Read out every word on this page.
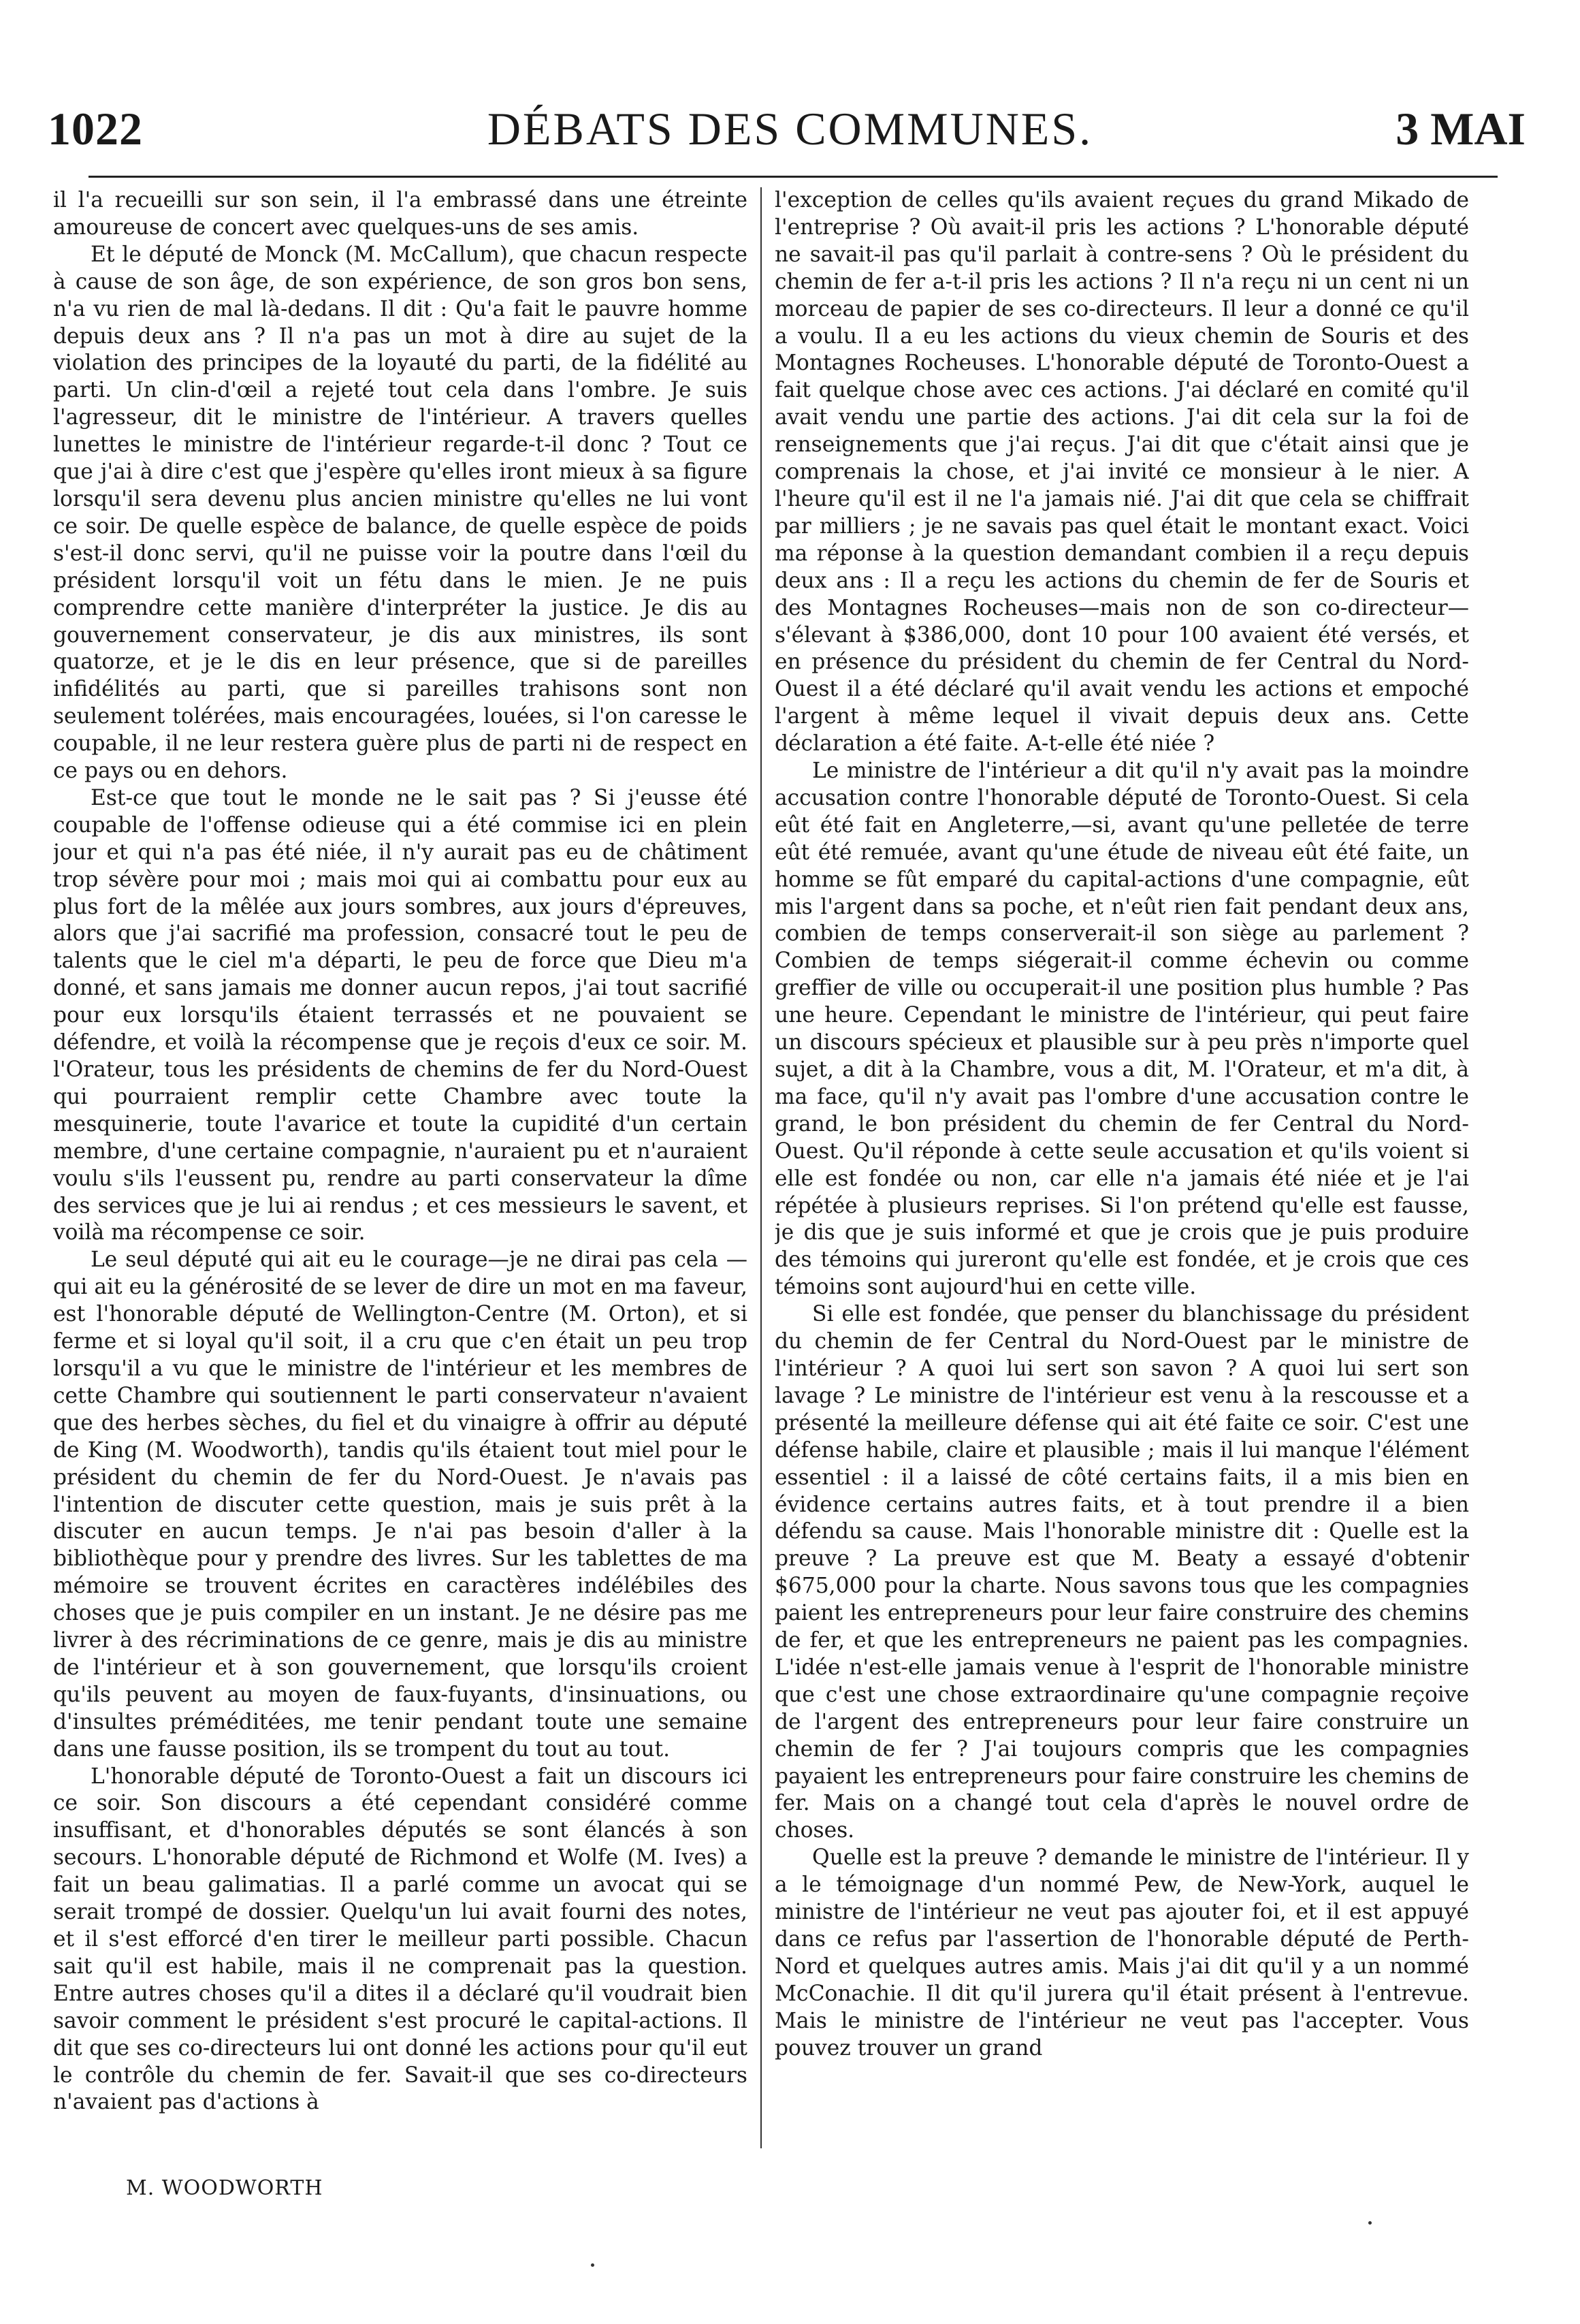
1022	DÉBATS DES COMMUNES.	3 MAI

il l'a recueilli sur son sein, il l'a embrassé dans une étreinte amoureuse de concert avec quelques-uns de ses amis.

Et le député de Monck (M. McCallum), que chacun respecte à cause de son âge, de son expérience, de son gros bon sens, n'a vu rien de mal là-dedans. Il dit : Qu'a fait le pauvre homme depuis deux ans ? Il n'a pas un mot à dire au sujet de la violation des principes de la loyauté du parti, de la fidélité au parti. Un clin-d'œil a rejeté tout cela dans l'ombre. Je suis l'agresseur, dit le ministre de l'intérieur. A travers quelles lunettes le ministre de l'intérieur regarde-t-il donc ? Tout ce que j'ai à dire c'est que j'espère qu'elles iront mieux à sa figure lorsqu'il sera devenu plus ancien ministre qu'elles ne lui vont ce soir. De quelle espèce de balance, de quelle espèce de poids s'est-il donc servi, qu'il ne puisse voir la poutre dans l'œil du président lorsqu'il voit un fétu dans le mien. Je ne puis comprendre cette manière d'interpréter la justice. Je dis au gouvernement conservateur, je dis aux ministres, ils sont quatorze, et je le dis en leur présence, que si de pareilles infidélités au parti, que si pareilles trahisons sont non seulement tolérées, mais encouragées, louées, si l'on caresse le coupable, il ne leur restera guère plus de parti ni de respect en ce pays ou en dehors.

Est-ce que tout le monde ne le sait pas ? Si j'eusse été coupable de l'offense odieuse qui a été commise ici en plein jour et qui n'a pas été niée, il n'y aurait pas eu de châtiment trop sévère pour moi ; mais moi qui ai combattu pour eux au plus fort de la mêlée aux jours sombres, aux jours d'épreuves, alors que j'ai sacrifié ma profession, consacré tout le peu de talents que le ciel m'a départi, le peu de force que Dieu m'a donné, et sans jamais me donner aucun repos, j'ai tout sacrifié pour eux lorsqu'ils étaient terrassés et ne pouvaient se défendre, et voilà la récompense que je reçois d'eux ce soir. M. l'Orateur, tous les présidents de chemins de fer du Nord-Ouest qui pourraient remplir cette Chambre avec toute la mesquinerie, toute l'avarice et toute la cupidité d'un certain membre, d'une certaine compagnie, n'auraient pu et n'auraient voulu s'ils l'eussent pu, rendre au parti conservateur la dîme des services que je lui ai rendus ; et ces messieurs le savent, et voilà ma récompense ce soir.

Le seul député qui ait eu le courage—je ne dirai pas cela —qui ait eu la générosité de se lever de dire un mot en ma faveur, est l'honorable député de Wellington-Centre (M. Orton), et si ferme et si loyal qu'il soit, il a cru que c'en était un peu trop lorsqu'il a vu que le ministre de l'intérieur et les membres de cette Chambre qui soutiennent le parti conservateur n'avaient que des herbes sèches, du fiel et du vinaigre à offrir au député de King (M. Woodworth), tandis qu'ils étaient tout miel pour le président du chemin de fer du Nord-Ouest. Je n'avais pas l'intention de discuter cette question, mais je suis prêt à la discuter en aucun temps. Je n'ai pas besoin d'aller à la bibliothèque pour y prendre des livres. Sur les tablettes de ma mémoire se trouvent écrites en caractères indélébiles des choses que je puis compiler en un instant. Je ne désire pas me livrer à des récriminations de ce genre, mais je dis au ministre de l'intérieur et à son gouvernement, que lorsqu'ils croient qu'ils peuvent au moyen de faux-fuyants, d'insinuations, ou d'insultes préméditées, me tenir pendant toute une semaine dans une fausse position, ils se trompent du tout au tout.

L'honorable député de Toronto-Ouest a fait un discours ici ce soir. Son discours a été cependant considéré comme insuffisant, et d'honorables députés se sont élancés à son secours. L'honorable député de Richmond et Wolfe (M. Ives) a fait un beau galimatias. Il a parlé comme un avocat qui se serait trompé de dossier. Quelqu'un lui avait fourni des notes, et il s'est efforcé d'en tirer le meilleur parti possible. Chacun sait qu'il est habile, mais il ne comprenait pas la question. Entre autres choses qu'il a dites il a déclaré qu'il voudrait bien savoir comment le président s'est procuré le capital-actions. Il dit que ses co-directeurs lui ont donné les actions pour qu'il eut le contrôle du chemin de fer. Savait-il que ses co-directeurs n'avaient pas d'actions à

l'exception de celles qu'ils avaient reçues du grand Mikado de l'entreprise ? Où avait-il pris les actions ? L'honorable député ne savait-il pas qu'il parlait à contre-sens ? Où le président du chemin de fer a-t-il pris les actions ? Il n'a reçu ni un cent ni un morceau de papier de ses co-directeurs. Il leur a donné ce qu'il a voulu. Il a eu les actions du vieux chemin de Souris et des Montagnes Rocheuses. L'honorable député de Toronto-Ouest a fait quelque chose avec ces actions. J'ai déclaré en comité qu'il avait vendu une partie des actions. J'ai dit cela sur la foi de renseignements que j'ai reçus. J'ai dit que c'était ainsi que je comprenais la chose, et j'ai invité ce monsieur à le nier. A l'heure qu'il est il ne l'a jamais nié. J'ai dit que cela se chiffrait par milliers ; je ne savais pas quel était le montant exact. Voici ma réponse à la question demandant combien il a reçu depuis deux ans : Il a reçu les actions du chemin de fer de Souris et des Montagnes Rocheuses—mais non de son co-directeur—s'élevant à $386,000, dont 10 pour 100 avaient été versés, et en présence du président du chemin de fer Central du Nord-Ouest il a été déclaré qu'il avait vendu les actions et empoché l'argent à même lequel il vivait depuis deux ans. Cette déclaration a été faite. A-t-elle été niée ?

Le ministre de l'intérieur a dit qu'il n'y avait pas la moindre accusation contre l'honorable député de Toronto-Ouest. Si cela eût été fait en Angleterre,—si, avant qu'une pelletée de terre eût été remuée, avant qu'une étude de niveau eût été faite, un homme se fût emparé du capital-actions d'une compagnie, eût mis l'argent dans sa poche, et n'eût rien fait pendant deux ans, combien de temps conserverait-il son siège au parlement ? Combien de temps siégerait-il comme échevin ou comme greffier de ville ou occuperait-il une position plus humble ? Pas une heure. Cependant le ministre de l'intérieur, qui peut faire un discours spécieux et plausible sur à peu près n'importe quel sujet, a dit à la Chambre, vous a dit, M. l'Orateur, et m'a dit, à ma face, qu'il n'y avait pas l'ombre d'une accusation contre le grand, le bon président du chemin de fer Central du Nord-Ouest. Qu'il réponde à cette seule accusation et qu'ils voient si elle est fondée ou non, car elle n'a jamais été niée et je l'ai répétée à plusieurs reprises. Si l'on prétend qu'elle est fausse, je dis que je suis informé et que je crois que je puis produire des témoins qui jureront qu'elle est fondée, et je crois que ces témoins sont aujourd'hui en cette ville.

Si elle est fondée, que penser du blanchissage du président du chemin de fer Central du Nord-Ouest par le ministre de l'intérieur ? A quoi lui sert son savon ? A quoi lui sert son lavage ? Le ministre de l'intérieur est venu à la rescousse et a présenté la meilleure défense qui ait été faite ce soir. C'est une défense habile, claire et plausible ; mais il lui manque l'élément essentiel : il a laissé de côté certains faits, il a mis bien en évidence certains autres faits, et à tout prendre il a bien défendu sa cause. Mais l'honorable ministre dit : Quelle est la preuve ? La preuve est que M. Beaty a essayé d'obtenir $675,000 pour la charte. Nous savons tous que les compagnies paient les entrepreneurs pour leur faire construire des chemins de fer, et que les entrepreneurs ne paient pas les compagnies. L'idée n'est-elle jamais venue à l'esprit de l'honorable ministre que c'est une chose extraordinaire qu'une compagnie reçoive de l'argent des entrepreneurs pour leur faire construire un chemin de fer ? J'ai toujours compris que les compagnies payaient les entrepreneurs pour faire construire les chemins de fer. Mais on a changé tout cela d'après le nouvel ordre de choses.

Quelle est la preuve ? demande le ministre de l'intérieur. Il y a le témoignage d'un nommé Pew, de New-York, auquel le ministre de l'intérieur ne veut pas ajouter foi, et il est appuyé dans ce refus par l'assertion de l'honorable député de Perth-Nord et quelques autres amis. Mais j'ai dit qu'il y a un nommé McConachie. Il dit qu'il jurera qu'il était présent à l'entrevue. Mais le ministre de l'intérieur ne veut pas l'accepter. Vous pouvez trouver un grand

M. WOODWORTH
